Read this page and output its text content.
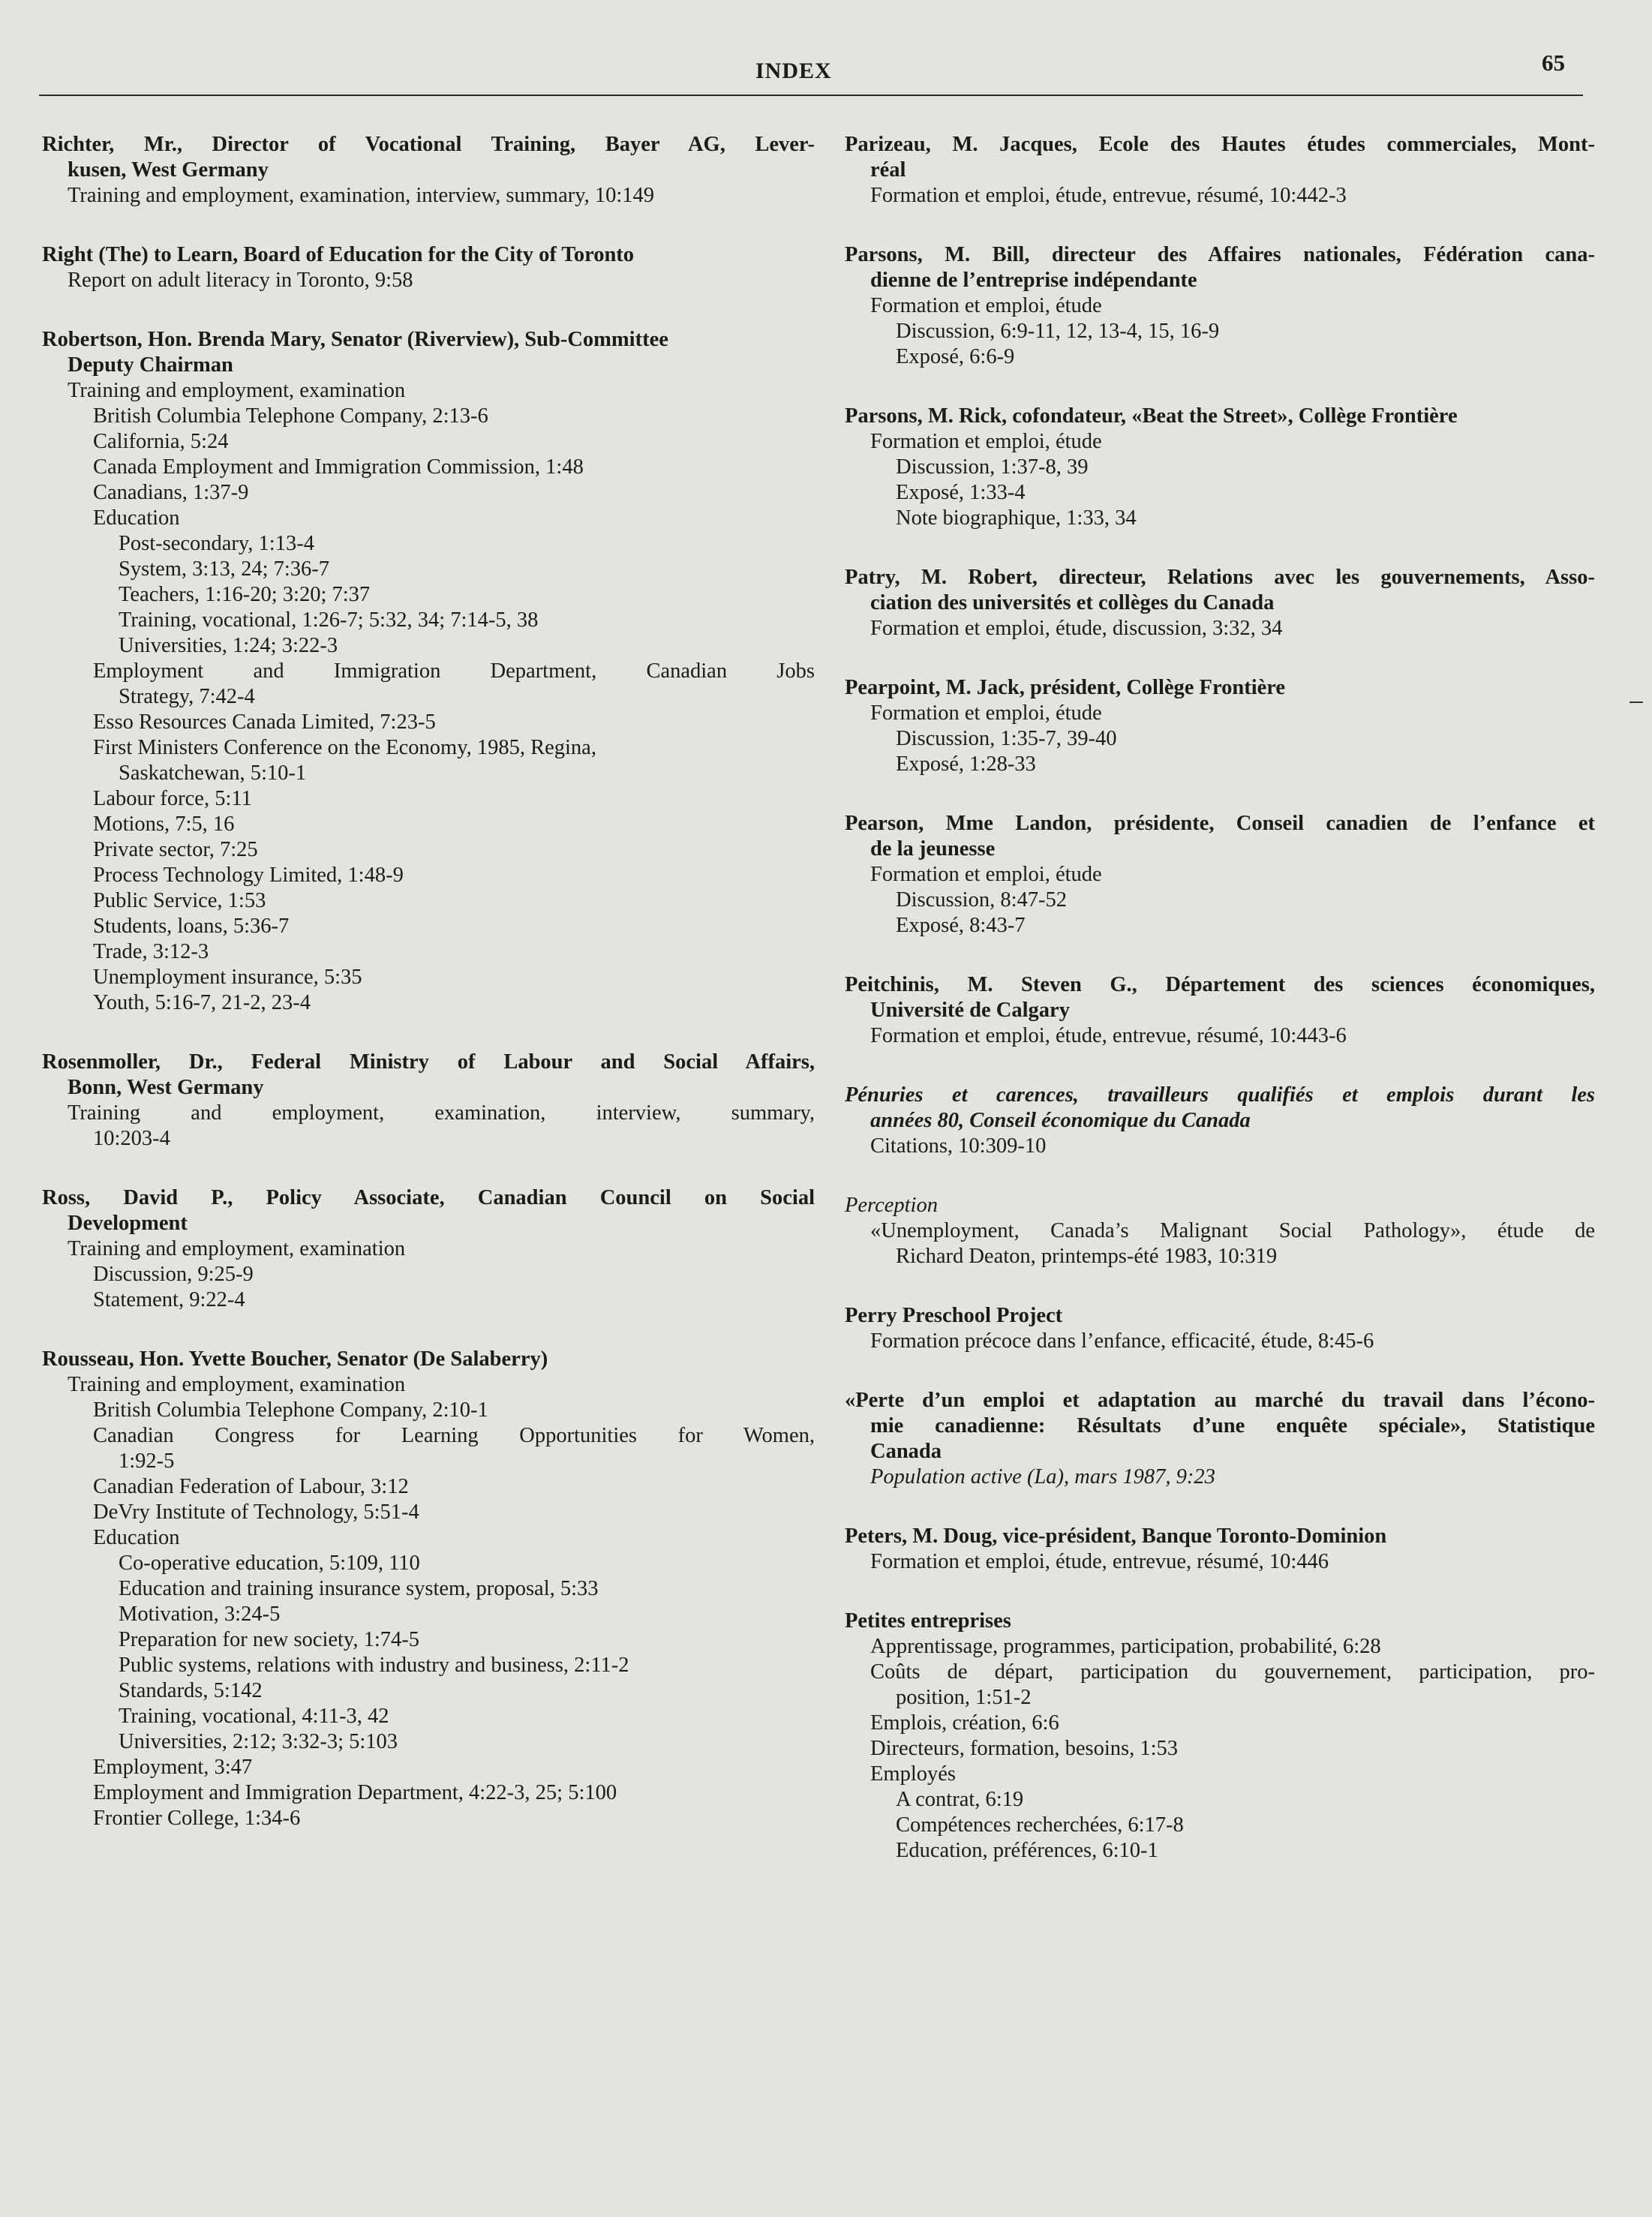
INDEX	65
Richter, Mr., Director of Vocational Training, Bayer AG, Lever-
kusen, West Germany
Training and employment, examination, interview, summary, 10:149
Right (The) to Learn, Board of Education for the City of Toronto
Report on adult literacy in Toronto, 9:58
Robertson, Hon. Brenda Mary, Senator (Riverview), Sub-Committee
Deputy Chairman
Training and employment, examination
British Columbia Telephone Company, 2:13-6
California, 5:24
Canada Employment and Immigration Commission, 1:48
Canadians, 1:37-9
Education
Post-secondary, 1:13-4
System, 3:13, 24; 7:36-7
Teachers, 1:16-20; 3:20; 7:37
Training, vocational, 1:26-7; 5:32, 34; 7:14-5, 38
Universities, 1:24; 3:22-3
Employment and Immigration Department, Canadian Jobs
Strategy, 7:42-4
Esso Resources Canada Limited, 7:23-5
First Ministers Conference on the Economy, 1985, Regina,
Saskatchewan, 5:10-1
Labour force, 5:11
Motions, 7:5, 16
Private sector, 7:25
Process Technology Limited, 1:48-9
Public Service, 1:53
Students, loans, 5:36-7
Trade, 3:12-3
Unemployment insurance, 5:35
Youth, 5:16-7, 21-2, 23-4
Rosenmoller, Dr., Federal Ministry of Labour and Social Affairs,
Bonn, West Germany
Training and employment, examination, interview, summary,
10:203-4
Ross, David P., Policy Associate, Canadian Council on Social
Development
Training and employment, examination
Discussion, 9:25-9
Statement, 9:22-4
Rousseau, Hon. Yvette Boucher, Senator (De Salaberry)
Training and employment, examination
British Columbia Telephone Company, 2:10-1
Canadian Congress for Learning Opportunities for Women,
1:92-5
Canadian Federation of Labour, 3:12
DeVry Institute of Technology, 5:51-4
Education
Co-operative education, 5:109, 110
Education and training insurance system, proposal, 5:33
Motivation, 3:24-5
Preparation for new society, 1:74-5
Public systems, relations with industry and business, 2:11-2
Standards, 5:142
Training, vocational, 4:11-3, 42
Universities, 2:12; 3:32-3; 5:103
Employment, 3:47
Employment and Immigration Department, 4:22-3, 25; 5:100
Frontier College, 1:34-6
Parizeau, M. Jacques, Ecole des Hautes études commerciales, Mont-
réal
Formation et emploi, étude, entrevue, résumé, 10:442-3
Parsons, M. Bill, directeur des Affaires nationales, Fédération cana-
dienne de l’entreprise indépendante
Formation et emploi, étude
Discussion, 6:9-11, 12, 13-4, 15, 16-9
Exposé, 6:6-9
Parsons, M. Rick, cofondateur, «Beat the Street», Collège Frontière
Formation et emploi, étude
Discussion, 1:37-8, 39
Exposé, 1:33-4
Note biographique, 1:33, 34
Patry, M. Robert, directeur, Relations avec les gouvernements, Asso-
ciation des universités et collèges du Canada
Formation et emploi, étude, discussion, 3:32, 34
Pearpoint, M. Jack, président, Collège Frontière
Formation et emploi, étude
Discussion, 1:35-7, 39-40
Exposé, 1:28-33
Pearson, Mme Landon, présidente, Conseil canadien de l’enfance et
de la jeunesse
Formation et emploi, étude
Discussion, 8:47-52
Exposé, 8:43-7
Peitchinis, M. Steven G., Département des sciences économiques,
Université de Calgary
Formation et emploi, étude, entrevue, résumé, 10:443-6
Pénuries et carences, travailleurs qualifiés et emplois durant les
années 80, Conseil économique du Canada
Citations, 10:309-10
Perception
«Unemployment, Canada’s Malignant Social Pathology», étude de
Richard Deaton, printemps-été 1983, 10:319
Perry Preschool Project
Formation précoce dans l’enfance, efficacité, étude, 8:45-6
«Perte d’un emploi et adaptation au marché du travail dans l’écono-
mie canadienne: Résultats d’une enquête spéciale», Statistique
Canada
Population active (La), mars 1987, 9:23
Peters, M. Doug, vice-président, Banque Toronto-Dominion
Formation et emploi, étude, entrevue, résumé, 10:446
Petites entreprises
Apprentissage, programmes, participation, probabilité, 6:28
Coûts de départ, participation du gouvernement, participation, pro-
position, 1:51-2
Emplois, création, 6:6
Directeurs, formation, besoins, 1:53
Employés
A contrat, 6:19
Compétences recherchées, 6:17-8
Education, préférences, 6:10-1
